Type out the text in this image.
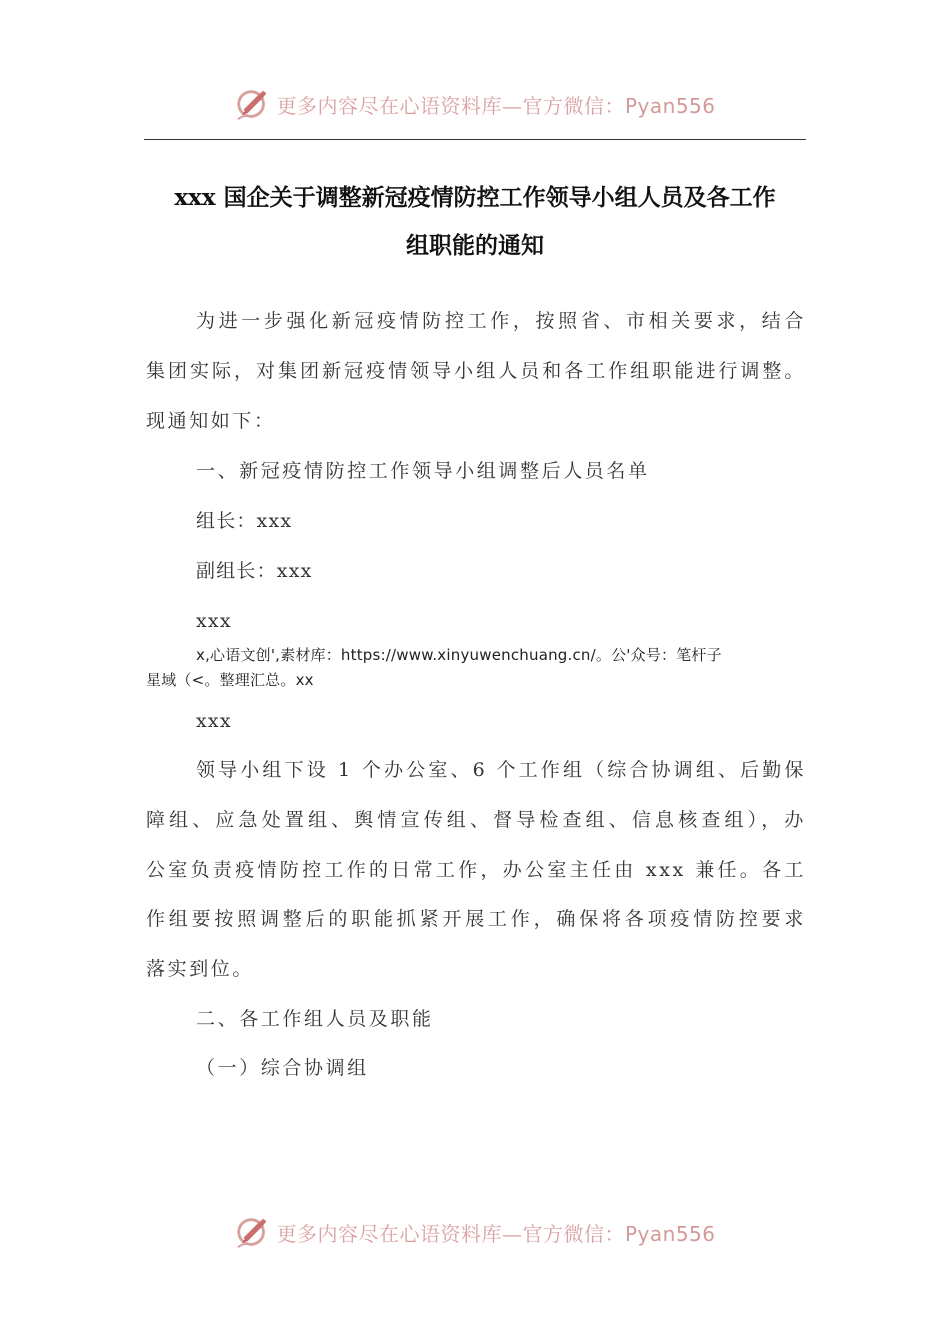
更多内容尽在心语资料库—官方微信：Pyan556
xxx 国企关于调整新冠疫情防控工作领导小组人员及各工作
组职能的通知
为进一步强化新冠疫情防控工作，按照省、市相关要求，结合
集团实际，对集团新冠疫情领导小组人员和各工作组职能进行调整。
现通知如下：
一、新冠疫情防控工作领导小组调整后人员名单
组长：xxx
副组长：xxx
xxx
x,心语文创',素材库：https://www.xinyuwenchuang.cn/。公'众号：笔杆子
星域（<。整理汇总。xx
xxx
领导小组下设 1 个办公室、6 个工作组（综合协调组、后勤保
障组、应急处置组、舆情宣传组、督导检查组、信息核查组），办
公室负责疫情防控工作的日常工作，办公室主任由 xxx 兼任。各工
作组要按照调整后的职能抓紧开展工作，确保将各项疫情防控要求
落实到位。
二、各工作组人员及职能
（一）综合协调组
更多内容尽在心语资料库—官方微信：Pyan556
